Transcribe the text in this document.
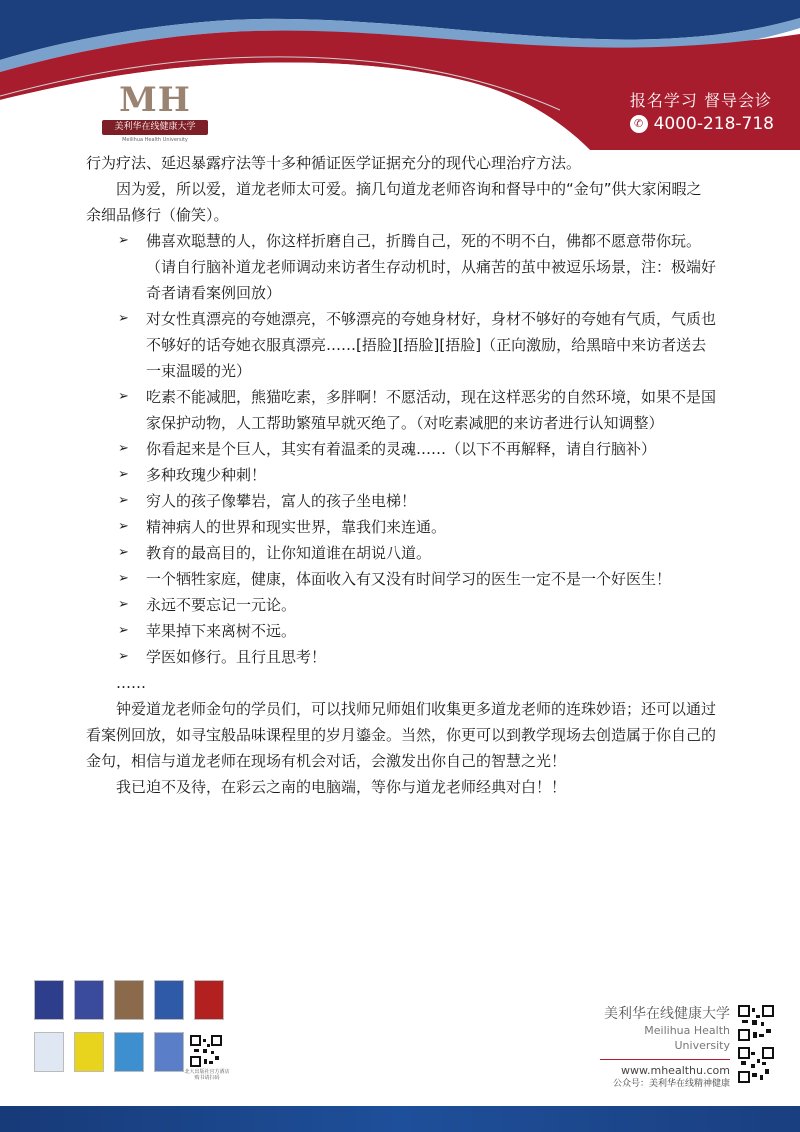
MH
美利华在线健康大学
Meilihua Health University
报名学习 督导会诊
✆ 4000-218-718

行为疗法、延迟暴露疗法等十多种循证医学证据充分的现代心理治疗方法。

因为爱，所以爱，道龙老师太可爱。摘几句道龙老师咨询和督导中的“金句”供大家闲暇之余细品修行（偷笑）。

➢ 佛喜欢聪慧的人，你这样折磨自己，折腾自己，死的不明不白，佛都不愿意带你玩。（请自行脑补道龙老师调动来访者生存动机时，从痛苦的茧中被逗乐场景，注：极端好奇者请看案例回放）
➢ 对女性真漂亮的夸她漂亮，不够漂亮的夸她身材好，身材不够好的夸她有气质，气质也不够好的话夸她衣服真漂亮……[捂脸][捂脸][捂脸]（正向激励，给黑暗中来访者送去一束温暖的光）
➢ 吃素不能减肥，熊猫吃素，多胖啊！不愿活动，现在这样恶劣的自然环境，如果不是国家保护动物，人工帮助繁殖早就灭绝了。（对吃素减肥的来访者进行认知调整）
➢ 你看起来是个巨人，其实有着温柔的灵魂……（以下不再解释，请自行脑补）
➢ 多种玫瑰少种刺！
➢ 穷人的孩子像攀岩，富人的孩子坐电梯！
➢ 精神病人的世界和现实世界，靠我们来连通。
➢ 教育的最高目的，让你知道谁在胡说八道。
➢ 一个牺牲家庭，健康，体面收入有又没有时间学习的医生一定不是一个好医生！
➢ 永远不要忘记一元论。
➢ 苹果掉下来离树不远。
➢ 学医如修行。且行且思考！

……

钟爱道龙老师金句的学员们，可以找师兄师姐们收集更多道龙老师的连珠妙语；还可以通过看案例回放，如寻宝般品味课程里的岁月鎏金。当然，你更可以到教学现场去创造属于你自己的金句，相信与道龙老师在现场有机会对话，会激发出你自己的智慧之光！

我已迫不及待，在彩云之南的电脑端，等你与道龙老师经典对白！！

北大出版社官方酒店 购书请扫码
美利华在线健康大学
Meilihua Health University
www.mhealthu.com
公众号：美利华在线精神健康
